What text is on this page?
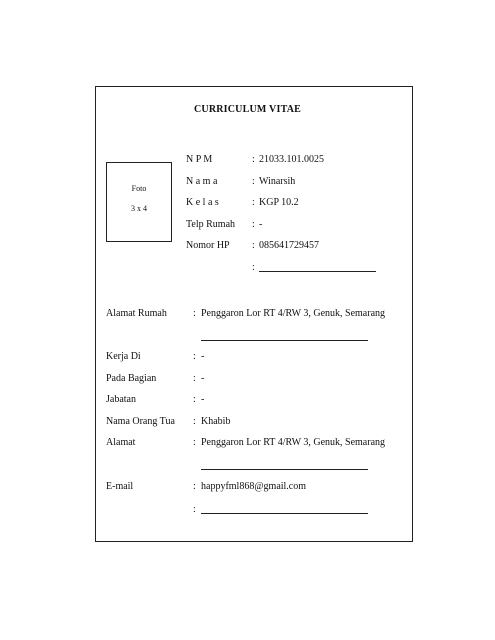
CURRICULUM VITAE
Foto
3 x 4
N P M	: 21033.101.0025
N a m a	: Winarsih
K e l a s	: KGP 10.2
Telp Rumah : -
Nomor HP : 085641729457
:
Alamat Rumah	: Penggaron Lor RT 4/RW 3, Genuk, Semarang
Kerja Di	: -
Pada Bagian	: -
Jabatan	: -
Nama Orang Tua : Khabib
Alamat	: Penggaron Lor RT 4/RW 3, Genuk, Semarang
E-mail	: happyfml868@gmail.com
:
